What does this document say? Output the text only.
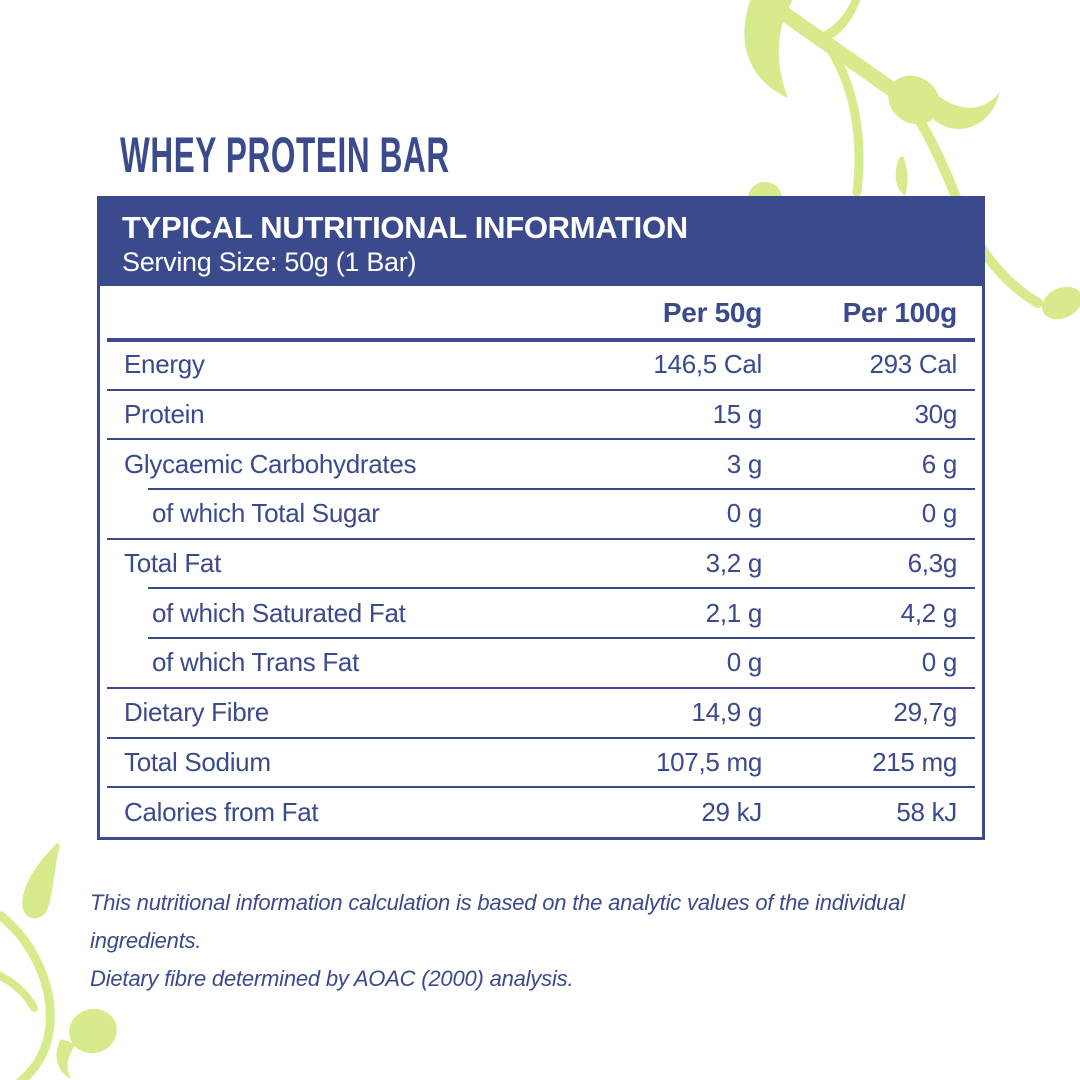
WHEY PROTEIN BAR
TYPICAL NUTRITIONAL INFORMATION
Serving Size: 50g (1 Bar)
Per 50g	Per 100g
Energy	146,5 Cal	293 Cal
Protein	15 g	30g
Glycaemic Carbohydrates	3 g	6 g
of which Total Sugar	0 g	0 g
Total Fat	3,2 g	6,3g
of which Saturated Fat	2,1 g	4,2 g
of which Trans Fat	0 g	0 g
Dietary Fibre	14,9 g	29,7g
Total Sodium	107,5 mg	215 mg
Calories from Fat	29 kJ	58 kJ

This nutritional information calculation is based on the analytic values of the individual ingredients.

Dietary fibre determined by AOAC (2000) analysis.
